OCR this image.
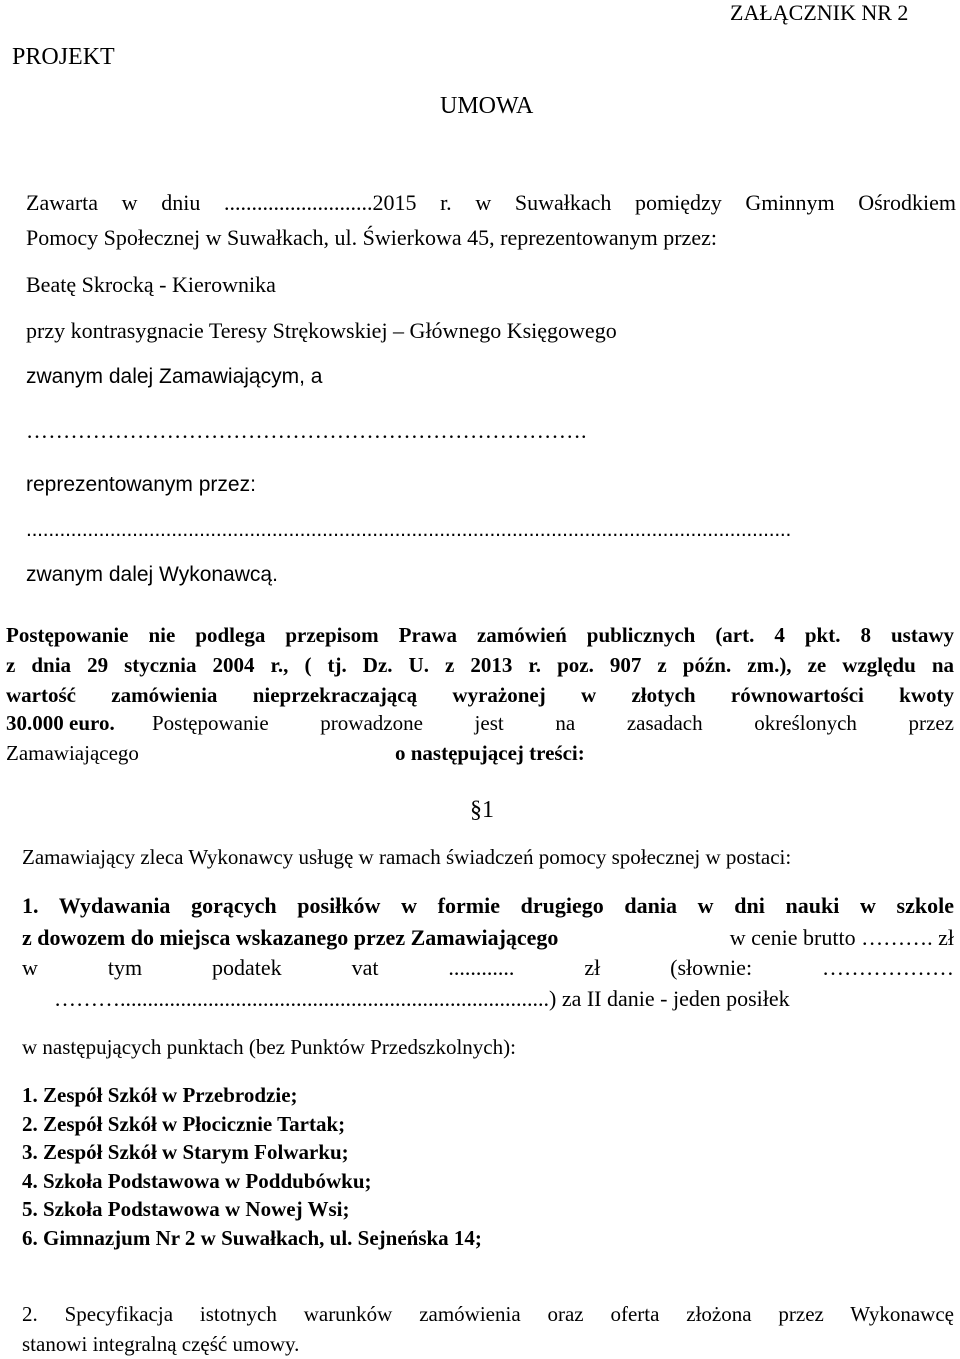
ZAŁĄCZNIK NR 2
PROJEKT
UMOWA
Zawarta w dniu ...........................2015 r. w Suwałkach pomiędzy Gminnym Ośrodkiem
Pomocy Społecznej w Suwałkach, ul. Świerkowa 45, reprezentowanym przez:
Beatę Skrocką - Kierownika
przy kontrasygnacie Teresy Strękowskiej – Głównego Księgowego
zwanym dalej Zamawiającym, a
………………………………………………………………….
reprezentowanym przez:
.........................................................................................................................................
zwanym dalej Wykonawcą.
Postępowanie nie podlega przepisom Prawa zamówień publicznych (art. 4 pkt. 8 ustawy
z dnia 29 stycznia 2004 r., ( tj. Dz. U. z 2013 r. poz. 907 z późn. zm.), ze względu na
wartość zamówienia nieprzekraczającą wyrażonej w złotych równowartości kwoty
30.000 euro. Postępowanie prowadzone jest na zasadach określonych przez
Zamawiającego	o następującej treści:
§1
Zamawiający zleca Wykonawcy usługę w ramach świadczeń pomocy społecznej w postaci:
1. Wydawania gorących posiłków w formie drugiego dania w dni nauki w szkole
z dowozem do miejsca wskazanego przez Zamawiającego	w cenie brutto ………. zł
w tym podatek vat ............ zł (słownie: ………………
………..............................................................................) za II danie - jeden posiłek
w następujących punktach (bez Punktów Przedszkolnych):
1. Zespół Szkół w Przebrodzie;
2. Zespół Szkół w Płocicznie Tartak;
3. Zespół Szkół w Starym Folwarku;
4. Szkoła Podstawowa w Poddubówku;
5. Szkoła Podstawowa w Nowej Wsi;
6. Gimnazjum Nr 2 w Suwałkach, ul. Sejneńska 14;
2. Specyfikacja istotnych warunków zamówienia oraz oferta złożona przez Wykonawcę
stanowi integralną część umowy.
